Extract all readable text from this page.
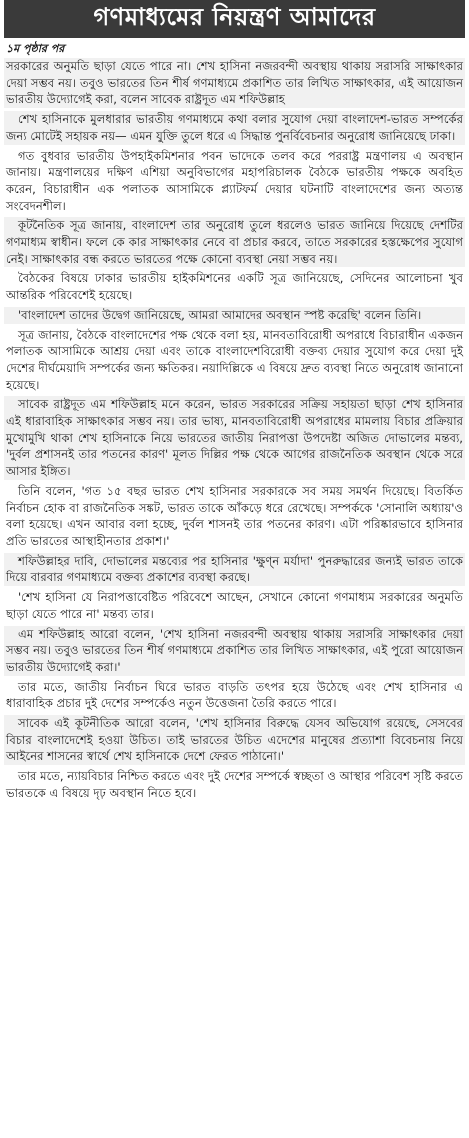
গণমাধ্যমের নিয়ন্ত্রণ আমাদের
১ম পৃষ্ঠার পর

সরকারের অনুমতি ছাড়া যেতে পারে না। শেখ হাসিনা নজরবন্দী অবস্থায় থাকায় সরাসরি সাক্ষাৎকার দেয়া সম্ভব নয়। তবুও ভারতের তিন শীর্ষ গণমাধ্যমে প্রকাশিত তার লিখিত সাক্ষাৎকার, এই আয়োজন ভারতীয় উদ্যোগেই করা, বলেন সাবেক রাষ্ট্রদূত এম শফিউল্লাহ

শেখ হাসিনাকে মুলধারার ভারতীয় গণমাধ্যমে কথা বলার সুযোগ দেয়া বাংলাদেশ-ভারত সম্পর্কের জন্য মোটেই সহায়ক নয়— এমন যুক্তি তুলে ধরে এ সিদ্ধান্ত পুনর্বিবেচনার অনুরোধ জানিয়েছে ঢাকা।

গত বুধবার ভারতীয় উপহাইকমিশনার পবন ভাদেকে তলব করে পররাষ্ট্র মন্ত্রণালয় এ অবস্থান জানায়। মন্ত্রণালয়ের দক্ষিণ এশিয়া অনুবিভাগের মহাপরিচালক বৈঠকে ভারতীয় পক্ষকে অবহিত করেন, বিচারাধীন এক পলাতক আসামিকে প্ল্যাটফর্ম দেয়ার ঘটনাটি বাংলাদেশের জন্য অত্যন্ত সংবেদনশীল।

কূটনৈতিক সূত্র জানায়, বাংলাদেশ তার অনুরোধ তুলে ধরলেও ভারত জানিয়ে দিয়েছে দেশটির গণমাধ্যম স্বাধীন। ফলে কে কার সাক্ষাৎকার নেবে বা প্রচার করবে, তাতে সরকারের হস্তক্ষেপের সুযোগ নেই। সাক্ষাৎকার বন্ধ করতে ভারতের পক্ষে কোনো ব্যবস্থা নেয়া সম্ভব নয়।

বৈঠকের বিষয়ে ঢাকার ভারতীয় হাইকমিশনের একটি সূত্র জানিয়েছে, সেদিনের আলোচনা খুব আন্তরিক পরিবেশেই হয়েছে।

'বাংলাদেশ তাদের উদ্বেগ জানিয়েছে, আমরা আমাদের অবস্থান স্পষ্ট করেছি' বলেন তিনি।

সূত্র জানায়, বৈঠকে বাংলাদেশের পক্ষ থেকে বলা হয়, মানবতাবিরোধী অপরাধে বিচারাধীন একজন পলাতক আসামিকে আশ্রয় দেয়া এবং তাকে বাংলাদেশবিরোধী বক্তব্য দেয়ার সুযোগ করে দেয়া দুই দেশের দীর্ঘমেয়াদি সম্পর্কের জন্য ক্ষতিকর। নয়াদিল্লিকে এ বিষয়ে দ্রুত ব্যবস্থা নিতে অনুরোধ জানানো হয়েছে।

সাবেক রাষ্ট্রদূত এম শফিউল্লাহ মনে করেন, ভারত সরকারের সক্রিয় সহায়তা ছাড়া শেখ হাসিনার এই ধারাবাহিক সাক্ষাৎকার সম্ভব নয়। তার ভাষ্য, মানবতাবিরোধী অপরাধের মামলায় বিচার প্রক্রিয়ার মুখোমুখি থাকা শেখ হাসিনাকে নিয়ে ভারতের জাতীয় নিরাপত্তা উপদেষ্টা অজিত দোভালের মন্তব্য, 'দুর্বল প্রশাসনই তার পতনের কারণ' মূলত দিল্লির পক্ষ থেকে আগের রাজনৈতিক অবস্থান থেকে সরে আসার ইঙ্গিত।

তিনি বলেন, 'গত ১৫ বছর ভারত শেখ হাসিনার সরকারকে সব সময় সমর্থন দিয়েছে। বিতর্কিত নির্বাচন হোক বা রাজনৈতিক সঙ্কট, ভারত তাকে আঁকড়ে ধরে রেখেছে। সম্পর্ককে 'সোনালি অধ্যায়'ও বলা হয়েছে। এখন আবার বলা হচ্ছে, দুর্বল শাসনই তার পতনের কারণ। এটা পরিষ্কারভাবে হাসিনার প্রতি ভারতের আস্থাহীনতার প্রকাশ।'

শফিউল্লাহর দাবি, দোভালের মন্তব্যের পর হাসিনার 'ক্ষুণ্ন মর্যাদা' পুনরুদ্ধারের জন্যই ভারত তাকে দিয়ে বারবার গণমাধ্যমে বক্তব্য প্রকাশের ব্যবস্থা করছে।

'শেখ হাসিনা যে নিরাপত্তাবেষ্টিত পরিবেশে আছেন, সেখানে কোনো গণমাধ্যম সরকারের অনুমতি ছাড়া যেতে পারে না' মন্তব্য তার।

এম শফিউল্লাহ আরো বলেন, 'শেখ হাসিনা নজরবন্দী অবস্থায় থাকায় সরাসরি সাক্ষাৎকার দেয়া সম্ভব নয়। তবুও ভারতের তিন শীর্ষ গণমাধ্যমে প্রকাশিত তার লিখিত সাক্ষাৎকার, এই পুরো আয়োজন ভারতীয় উদ্যোগেই করা।'

তার মতে, জাতীয় নির্বাচন ঘিরে ভারত বাড়তি তৎপর হয়ে উঠেছে এবং শেখ হাসিনার এ ধারাবাহিক প্রচার দুই দেশের সম্পর্কেও নতুন উত্তেজনা তৈরি করতে পারে।

সাবেক এই কূটনীতিক আরো বলেন, 'শেখ হাসিনার বিরুদ্ধে যেসব অভিযোগ রয়েছে, সেসবের বিচার বাংলাদেশেই হওয়া উচিত। তাই ভারতের উচিত এদেশের মানুষের প্রত্যাশা বিবেচনায় নিয়ে আইনের শাসনের স্বার্থে শেখ হাসিনাকে দেশে ফেরত পাঠানো।'

তার মতে, ন্যায়বিচার নিশ্চিত করতে এবং দুই দেশের সম্পর্কে স্বচ্ছতা ও আস্থার পরিবেশ সৃষ্টি করতে ভারতকে এ বিষয়ে দৃঢ় অবস্থান নিতে হবে।
